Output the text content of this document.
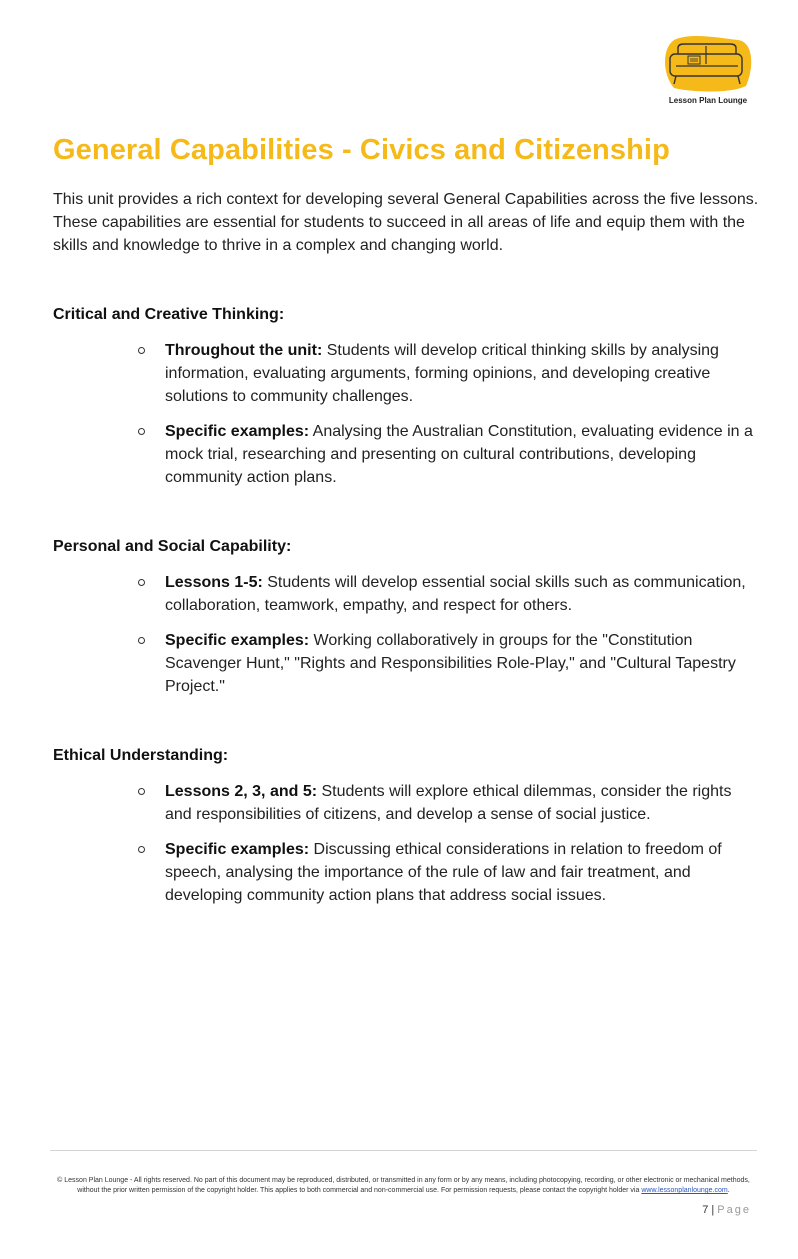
Lesson Plan Lounge
General Capabilities - Civics and Citizenship

This unit provides a rich context for developing several General Capabilities across the five lessons. These capabilities are essential for students to succeed in all areas of life and equip them with the skills and knowledge to thrive in a complex and changing world.

Critical and Creative Thinking:
Throughout the unit: Students will develop critical thinking skills by analysing information, evaluating arguments, forming opinions, and developing creative solutions to community challenges.
Specific examples: Analysing the Australian Constitution, evaluating evidence in a mock trial, researching and presenting on cultural contributions, developing community action plans.
Personal and Social Capability:
Lessons 1-5: Students will develop essential social skills such as communication, collaboration, teamwork, empathy, and respect for others.
Specific examples: Working collaboratively in groups for the "Constitution Scavenger Hunt," "Rights and Responsibilities Role-Play," and "Cultural Tapestry Project."
Ethical Understanding:
Lessons 2, 3, and 5: Students will explore ethical dilemmas, consider the rights and responsibilities of citizens, and develop a sense of social justice.
Specific examples: Discussing ethical considerations in relation to freedom of speech, analysing the importance of the rule of law and fair treatment, and developing community action plans that address social issues.

© Lesson Plan Lounge - All rights reserved. No part of this document may be reproduced, distributed, or transmitted in any form or by any means, including photocopying, recording, or other electronic or mechanical methods, without the prior written permission of the copyright holder. This applies to both commercial and non-commercial use. For permission requests, please contact the copyright holder via www.lessonplanlounge.com.

7 | Page
